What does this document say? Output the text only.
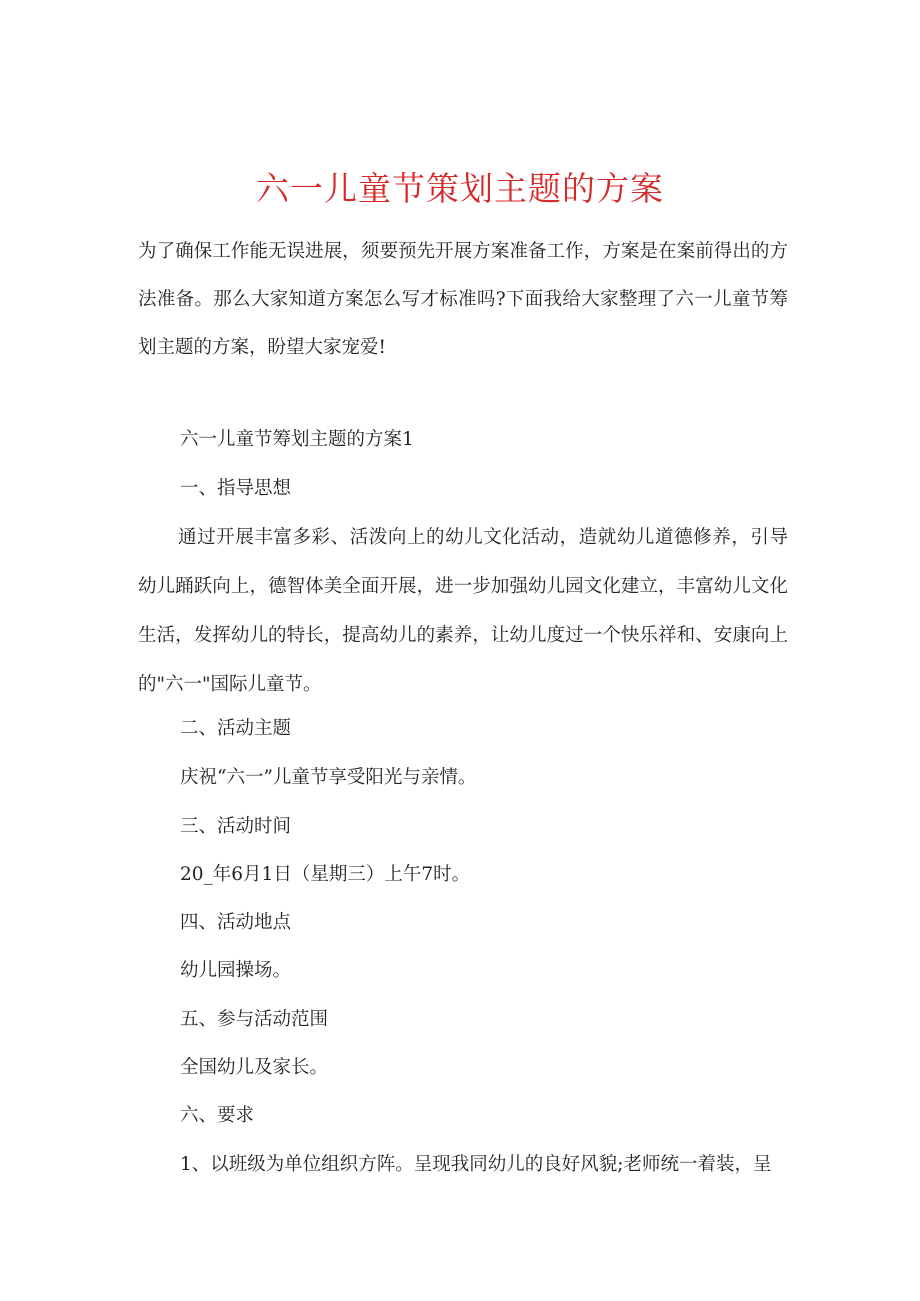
六一儿童节策划主题的方案

为了确保工作能无误进展，须要预先开展方案准备工作，方案是在案前得出的方法准备。那么大家知道方案怎么写才标准吗?下面我给大家整理了六一儿童节筹划主题的方案，盼望大家宠爱!

六一儿童节筹划主题的方案1

一、指导思想

通过开展丰富多彩、活泼向上的幼儿文化活动，造就幼儿道德修养，引导幼儿踊跃向上，德智体美全面开展，进一步加强幼儿园文化建立，丰富幼儿文化生活，发挥幼儿的特长，提高幼儿的素养，让幼儿度过一个快乐祥和、安康向上的"六一"国际儿童节。

二、活动主题

庆祝“六一”儿童节享受阳光与亲情。

三、活动时间

20_年6月1日（星期三）上午7时。

四、活动地点

幼儿园操场。

五、参与活动范围

全国幼儿及家长。

六、要求

1、以班级为单位组织方阵。呈现我同幼儿的良好风貌;老师统一着装，呈
